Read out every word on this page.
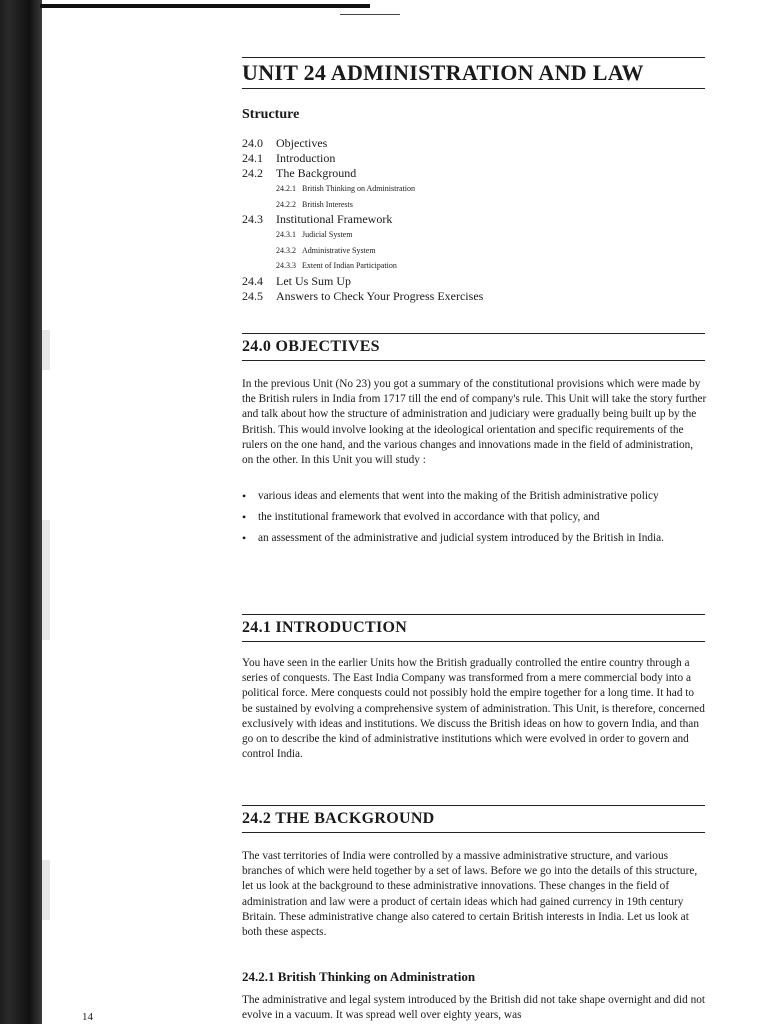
UNIT 24 ADMINISTRATION AND LAW
Structure
24.0	Objectives
24.1	Introduction
24.2	The Background
24.2.1 British Thinking on Administration
24.2.2 British Interests
24.3	Institutional Framework
24.3.1 Judicial System
24.3.2 Administrative System
24.3.3 Extent of Indian Participation
24.4	Let Us Sum Up
24.5	Answers to Check Your Progress Exercises
24.0 OBJECTIVES
In the previous Unit (No 23) you got a summary of the constitutional provisions which were made by the British rulers in India from 1717 till the end of company's rule. This Unit will take the story further and talk about how the structure of administration and judiciary were gradually being built up by the British. This would involve looking at the ideological orientation and specific requirements of the rulers on the one hand, and the various changes and innovations made in the field of administration, on the other. In this Unit you will study :
•	various ideas and elements that went into the making of the British administrative policy
•	the institutional framework that evolved in accordance with that policy, and
•	an assessment of the administrative and judicial system introduced by the British in India.
24.1 INTRODUCTION
You have seen in the earlier Units how the British gradually controlled the entire country through a series of conquests. The East India Company was transformed from a mere commercial body into a political force. Mere conquests could not possibly hold the empire together for a long time. It had to be sustained by evolving a comprehensive system of administration. This Unit, is therefore, concerned exclusively with ideas and institutions. We discuss the British ideas on how to govern India, and than go on to describe the kind of administrative institutions which were evolved in order to govern and control India.
24.2 THE BACKGROUND
The vast territories of India were controlled by a massive administrative structure, and various branches of which were held together by a set of laws. Before we go into the details of this structure, let us look at the background to these administrative innovations. These changes in the field of administration and law were a product of certain ideas which had gained currency in 19th century Britain. These administrative change also catered to certain British interests in India. Let us look at both these aspects.
24.2.1 British Thinking on Administration
The administrative and legal system introduced by the British did not take shape overnight and did not evolve in a vacuum. It was spread well over eighty years, was
14
